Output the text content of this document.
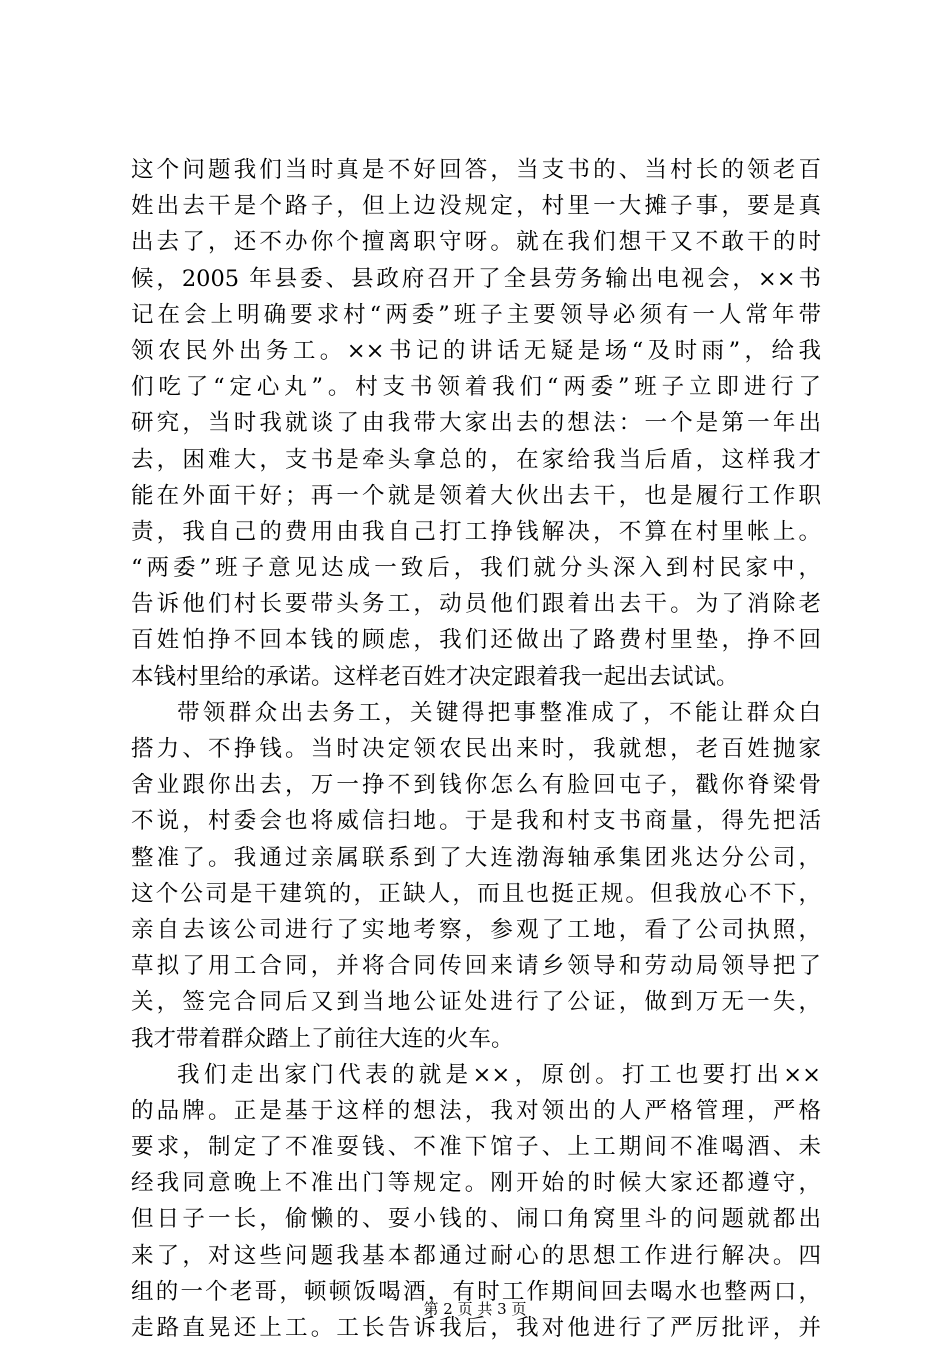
这个问题我们当时真是不好回答，当支书的、当村长的领老百
姓出去干是个路子，但上边没规定，村里一大摊子事，要是真
出去了，还不办你个擅离职守呀。就在我们想干又不敢干的时
候，2005 年县委、县政府召开了全县劳务输出电视会，××书
记在会上明确要求村“两委”班子主要领导必须有一人常年带
领农民外出务工。××书记的讲话无疑是场“及时雨”，给我
们吃了“定心丸”。村支书领着我们“两委”班子立即进行了
研究，当时我就谈了由我带大家出去的想法：一个是第一年出
去，困难大，支书是牵头拿总的，在家给我当后盾，这样我才
能在外面干好；再一个就是领着大伙出去干，也是履行工作职
责，我自己的费用由我自己打工挣钱解决，不算在村里帐上。
“两委”班子意见达成一致后，我们就分头深入到村民家中，
告诉他们村长要带头务工，动员他们跟着出去干。为了消除老
百姓怕挣不回本钱的顾虑，我们还做出了路费村里垫，挣不回
本钱村里给的承诺。这样老百姓才决定跟着我一起出去试试。
带领群众出去务工，关键得把事整准成了，不能让群众白
搭力、不挣钱。当时决定领农民出来时，我就想，老百姓抛家
舍业跟你出去，万一挣不到钱你怎么有脸回屯子，戳你脊梁骨
不说，村委会也将威信扫地。于是我和村支书商量，得先把活
整准了。我通过亲属联系到了大连渤海轴承集团兆达分公司，
这个公司是干建筑的，正缺人，而且也挺正规。但我放心不下，
亲自去该公司进行了实地考察，参观了工地，看了公司执照，
草拟了用工合同，并将合同传回来请乡领导和劳动局领导把了
关，签完合同后又到当地公证处进行了公证，做到万无一失，
我才带着群众踏上了前往大连的火车。
我们走出家门代表的就是××，原创。打工也要打出××
的品牌。正是基于这样的想法，我对领出的人严格管理，严格
要求，制定了不准耍钱、不准下馆子、上工期间不准喝酒、未
经我同意晚上不准出门等规定。刚开始的时候大家还都遵守，
但日子一长，偷懒的、耍小钱的、闹口角窝里斗的问题就都出
来了，对这些问题我基本都通过耐心的思想工作进行解决。四
组的一个老哥，顿顿饭喝酒，有时工作期间回去喝水也整两口，
走路直晃还上工。工长告诉我后，我对他进行了严厉批评，并
第 2 页 共 3 页
